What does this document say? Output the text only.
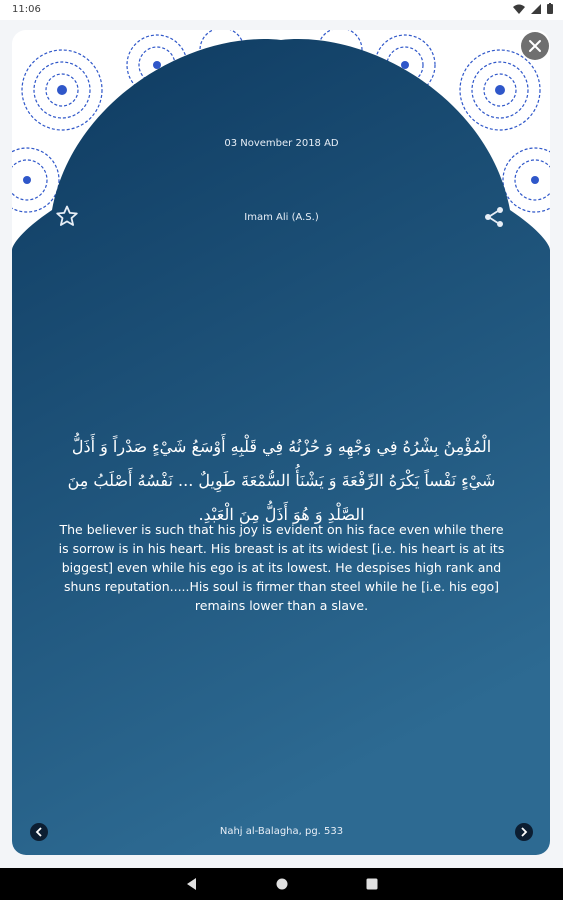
11:06
03 November 2018 AD
Imam Ali (A.S.)
الْمُؤْمِنُ بِشْرُهُ فِي وَجْهِهِ وَ حُزْنُهُ فِي قَلْبِهِ أَوْسَعُ شَيْءٍ صَدْراً وَ أَذَلُّ شَيْءٍ نَفْساً يَكْرَهُ الرِّفْعَةَ وَ يَشْنَأُ السُّمْعَةَ طَوِيلٌ ... نَفْسُهُ أَصْلَبُ مِنَ الصَّلْدِ وَ هُوَ أَذَلُّ مِنَ الْعَبْدِ.
The believer is such that his joy is evident on his face even while there is sorrow is in his heart. His breast is at its widest [i.e. his heart is at its biggest] even while his ego is at its lowest. He despises high rank and shuns reputation.....His soul is firmer than steel while he [i.e. his ego] remains lower than a slave.
Nahj al-Balagha, pg. 533
